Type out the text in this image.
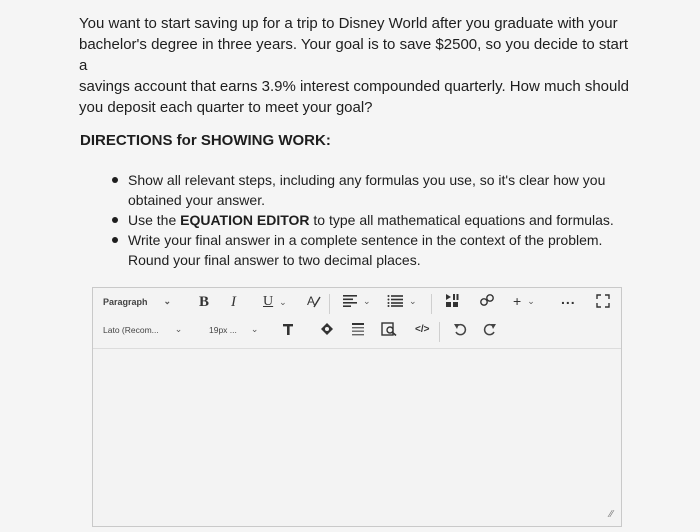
You want to start saving up for a trip to Disney World after you graduate with your
bachelor's degree in three years. Your goal is to save $2500, so you decide to start a
savings account that earns 3.9% interest compounded quarterly. How much should
you deposit each quarter to meet your goal?
DIRECTIONS for SHOWING WORK:
Show all relevant steps, including any formulas you use, so it's clear how you
obtained your answer.
Use the EQUATION EDITOR to type all mathematical equations and formulas.
Write your final answer in a complete sentence in the context of the problem.
Round your final answer to two decimal places.
Paragraph ⌄ B I U ⌄ A	⌄	⌄	+ ⌄ ...
Lato (Recom... ⌄	19px ... ⌄	</>
∕∕
